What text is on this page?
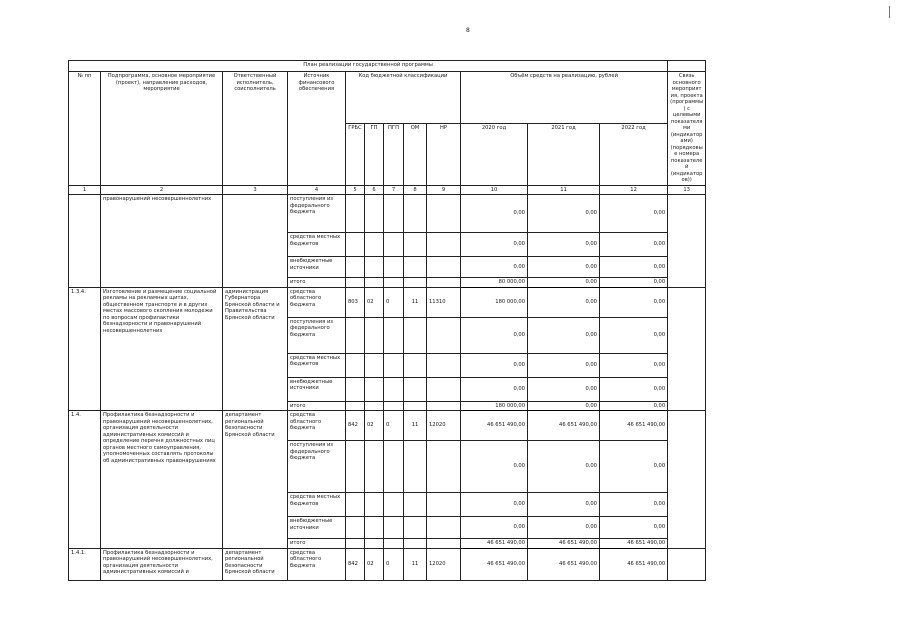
8
План реализации государственной программы												
№ пп	Подпрограмма, основное мероприятие (проект), направление расходов, мероприятие	Ответственный исполнитель, соисполнитель	Источник финансового обеспечения	Код бюджетной классификации					Объём средств на реализацию, рублей			Связь основного мероприятия, проекта (программы) с целевыми показателями (индикаторами) (порядковые номера показателей (индикаторов))
				ГРБС	ГП	ПГП	ОМ	НР	2020 год	2021 год	2022 год	
1	2	3	4	5	6	7	8	9	10	11	12	13
	правонарушений несовершеннолетних		поступления из федерального бюджета						0,00	0,00	0,00	
			средства местных бюджетов						0,00	0,00	0,00	
			внебюджетные источники						0,00	0,00	0,00	
			итого						80 000,00	0,00	0,00	
1.3.4.	Изготовление и размещение социальной рекламы на рекламных щитах, общественном транспорте и в других местах массового скопления молодежи по вопросам профилактики безнадзорности и правонарушений несовершеннолетних	администрация Губернатора Брянской области и Правительства Брянской области	средства областного бюджета	803	02	0	11	11310	180 000,00	0,00	0,00	
			поступления из федерального бюджета						0,00	0,00	0,00	
			средства местных бюджетов						0,00	0,00	0,00	
			внебюджетные источники						0,00	0,00	0,00	
			итого						180 000,00	0,00	0,00	
1.4.	Профилактика безнадзорности и правонарушений несовершеннолетних, организация деятельности административных комиссий и определение перечня должностных лиц органов местного самоуправления, уполномоченных составлять протоколы об административных правонарушениях	департамент региональной безопасности Брянской области	средства областного бюджета	842	02	0	11	12020	46 651 490,00	46 651 490,00	46 651 490,00	
			поступления из федерального бюджета						0,00	0,00	0,00	
			средства местных бюджетов						0,00	0,00	0,00	
			внебюджетные источники						0,00	0,00	0,00	
			итого						46 651 490,00	46 651 490,00	46 651 490,00	
1.4.1.	Профилактика безнадзорности и правонарушений несовершеннолетних, организация деятельности административных комиссий и	департамент региональной безопасности Брянской области	средства областного бюджета	842	02	0	11	12020	46 651 490,00	46 651 490,00	46 651 490,00	
